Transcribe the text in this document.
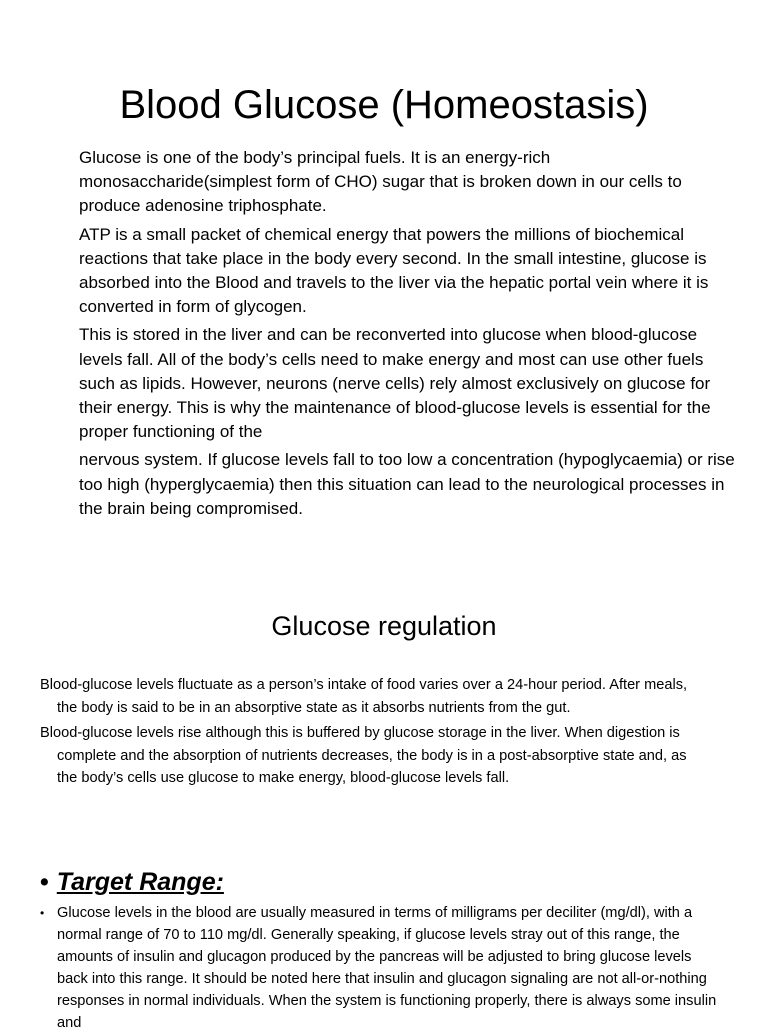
Blood Glucose (Homeostasis)

Glucose is one of the body’s principal fuels. It is an energy-rich monosaccharide(simplest form of CHO) sugar that is broken down in our cells to produce adenosine triphosphate.

ATP is a small packet of chemical energy that powers the millions of biochemical reactions that take place in the body every second. In the small intestine, glucose is absorbed into the Blood and travels to the liver via the hepatic portal vein where it is converted in form of glycogen.

This is stored in the liver and can be reconverted into glucose when blood-glucose levels fall. All of the body’s cells need to make energy and most can use other fuels such as lipids. However, neurons (nerve cells) rely almost exclusively on glucose for their energy. This is why the maintenance of blood-glucose levels is essential for the proper functioning of the

nervous system. If glucose levels fall to too low a concentration (hypoglycaemia) or rise too high (hyperglycaemia) then this situation can lead to the neurological processes in the brain being compromised.

Glucose regulation

Blood-glucose levels fluctuate as a person’s intake of food varies over a 24-hour period. After meals, the body is said to be in an absorptive state as it absorbs nutrients from the gut.

Blood-glucose levels rise although this is buffered by glucose storage in the liver. When digestion is complete and the absorption of nutrients decreases, the body is in a post-absorptive state and, as the body’s cells use glucose to make energy, blood-glucose levels fall.

• Target Range:
• Glucose levels in the blood are usually measured in terms of milligrams per deciliter (mg/dl), with a normal range of 70 to 110 mg/dl. Generally speaking, if glucose levels stray out of this range, the amounts of insulin and glucagon produced by the pancreas will be adjusted to bring glucose levels back into this range. It should be noted here that insulin and glucagon signaling are not all-or-nothing responses in normal individuals. When the system is functioning properly, there is always some insulin and
